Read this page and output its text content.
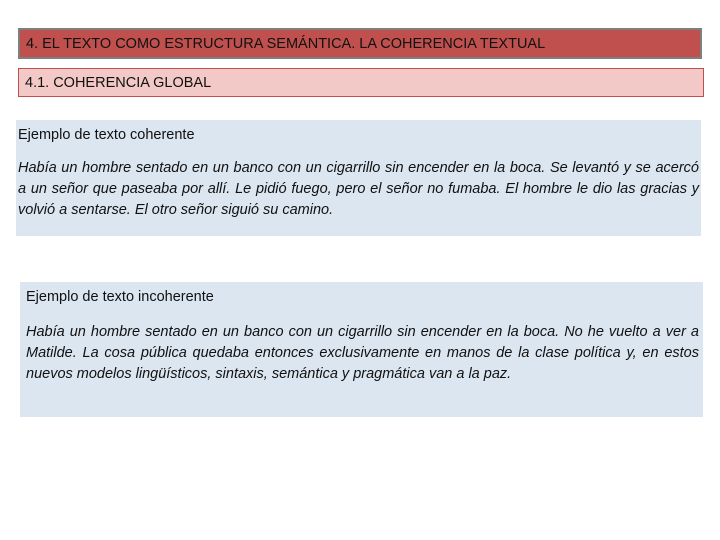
4. EL TEXTO COMO ESTRUCTURA SEMÁNTICA. LA COHERENCIA TEXTUAL
4.1. COHERENCIA GLOBAL

Ejemplo de texto coherente

Había un hombre sentado en un banco con un cigarrillo sin encender en la boca. Se levantó y se acercó a un señor que paseaba por allí. Le pidió fuego, pero el señor no fumaba. El hombre le dio las gracias y volvió a sentarse. El otro señor siguió su camino.

Ejemplo de texto incoherente

Había un hombre sentado en un banco con un cigarrillo sin encender en la boca. No he vuelto a ver a Matilde. La cosa pública quedaba entonces exclusivamente en manos de la clase política y, en estos nuevos modelos lingüísticos, sintaxis, semántica y pragmática van a la paz.
